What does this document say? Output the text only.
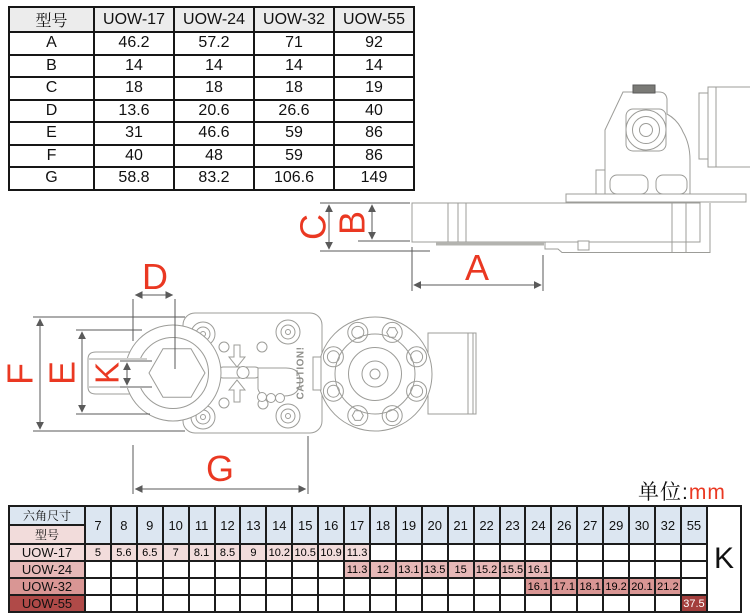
CAUTION!
C
B
A
D
F E K
G
型号	UOW-17	UOW-24	UOW-32	UOW-55
A	46.2	57.2	71	92
B	14	14	14	14
C	18	18	18	19
D	13.6	20.6	26.6	40
E	31	46.6	59	86
F	40	48	59	86
G	58.8	83.2	106.6	149
单位:mm
六角尺寸	7	8	9	10	11	12	13	14	15	16	17	18	19	20	21	22	23	24	26	27	29	30	32	55	K
型号																									
UOW-17	5	5.6	6.5	7	8.1	8.5	9	10.2	10.5	10.9	11.3														
UOW-24											11.3	12	13.1	13.5	15	15.2	15.5	16.1							
UOW-32																		16.1	17.1	18.1	19.2	20.1	21.2		
UOW-55																								37.5	
